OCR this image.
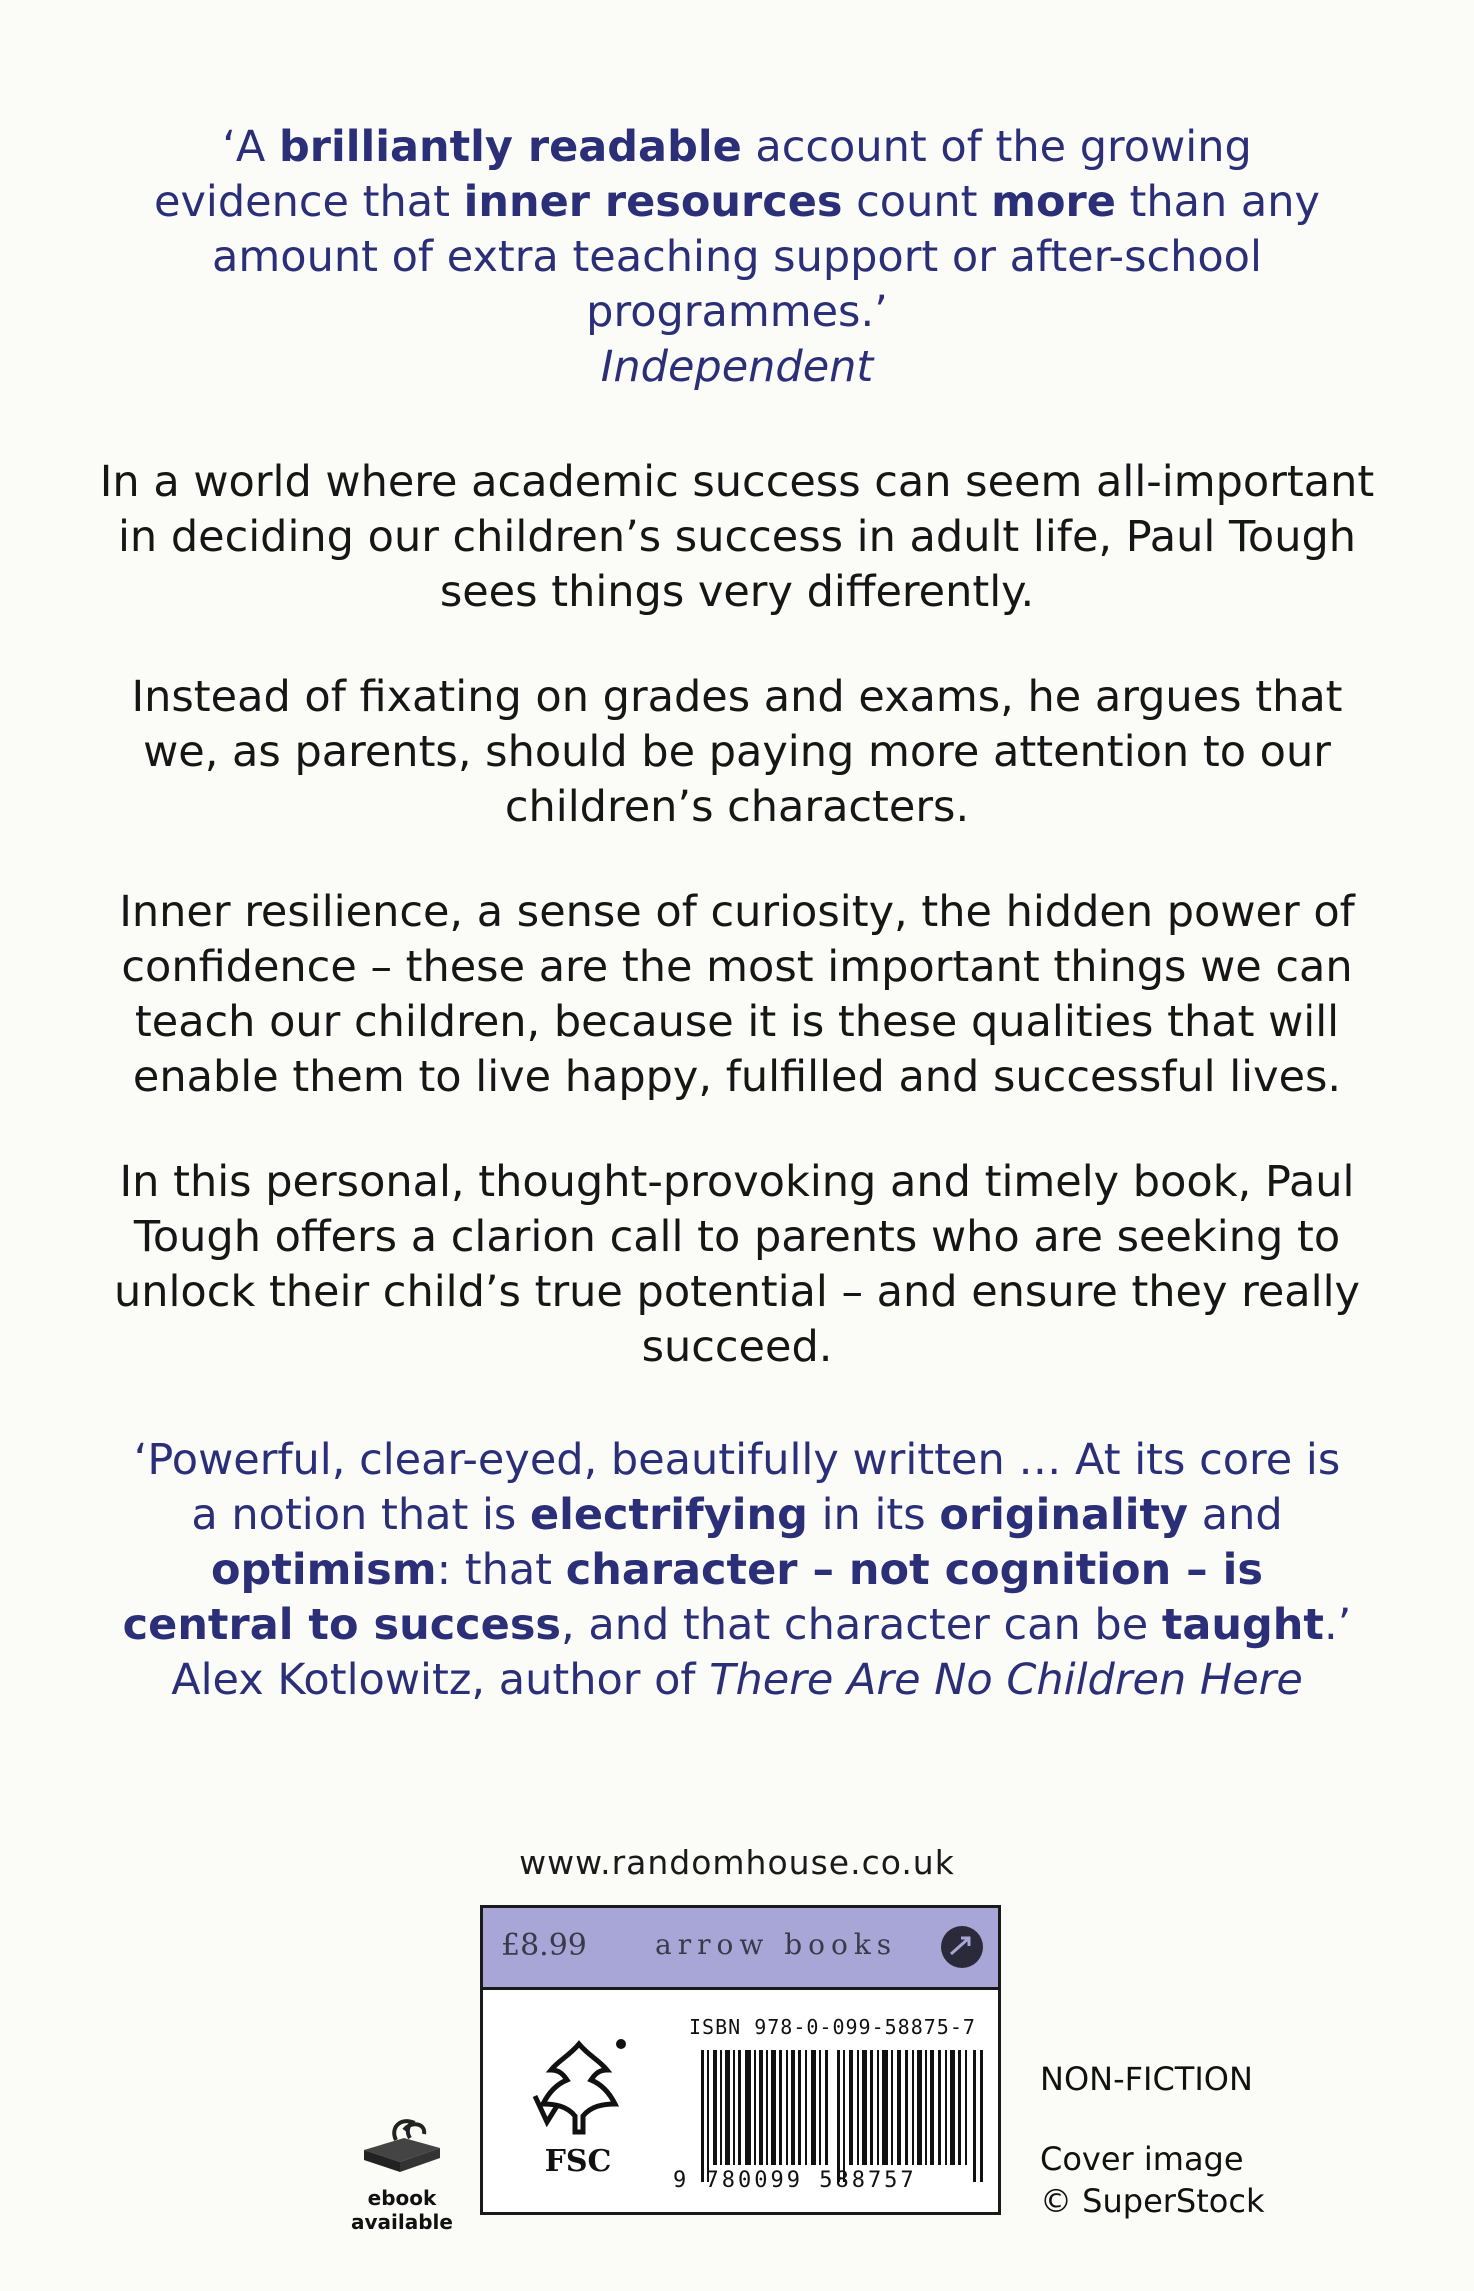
‘A brilliantly readable account of the growing evidence that inner resources count more than any amount of extra teaching support or after-school programmes.’
Independent

In a world where academic success can seem all-important in deciding our children’s success in adult life, Paul Tough sees things very differently.

Instead of fixating on grades and exams, he argues that we, as parents, should be paying more attention to our children’s characters.

Inner resilience, a sense of curiosity, the hidden power of confidence – these are the most important things we can teach our children, because it is these qualities that will enable them to live happy, fulfilled and successful lives.

In this personal, thought-provoking and timely book, Paul Tough offers a clarion call to parents who are seeking to unlock their child’s true potential – and ensure they really succeed.

‘Powerful, clear-eyed, beautifully written … At its core is a notion that is electrifying in its originality and optimism: that character – not cognition – is central to success, and that character can be taught.’
Alex Kotlowitz, author of There Are No Children Here
www.randomhouse.co.uk
£8.99 arrow books
FSC
ISBN 978-0-099-58875-7
9 780099 588757
NON-FICTION
Cover image
© SuperStock
ebook
available
